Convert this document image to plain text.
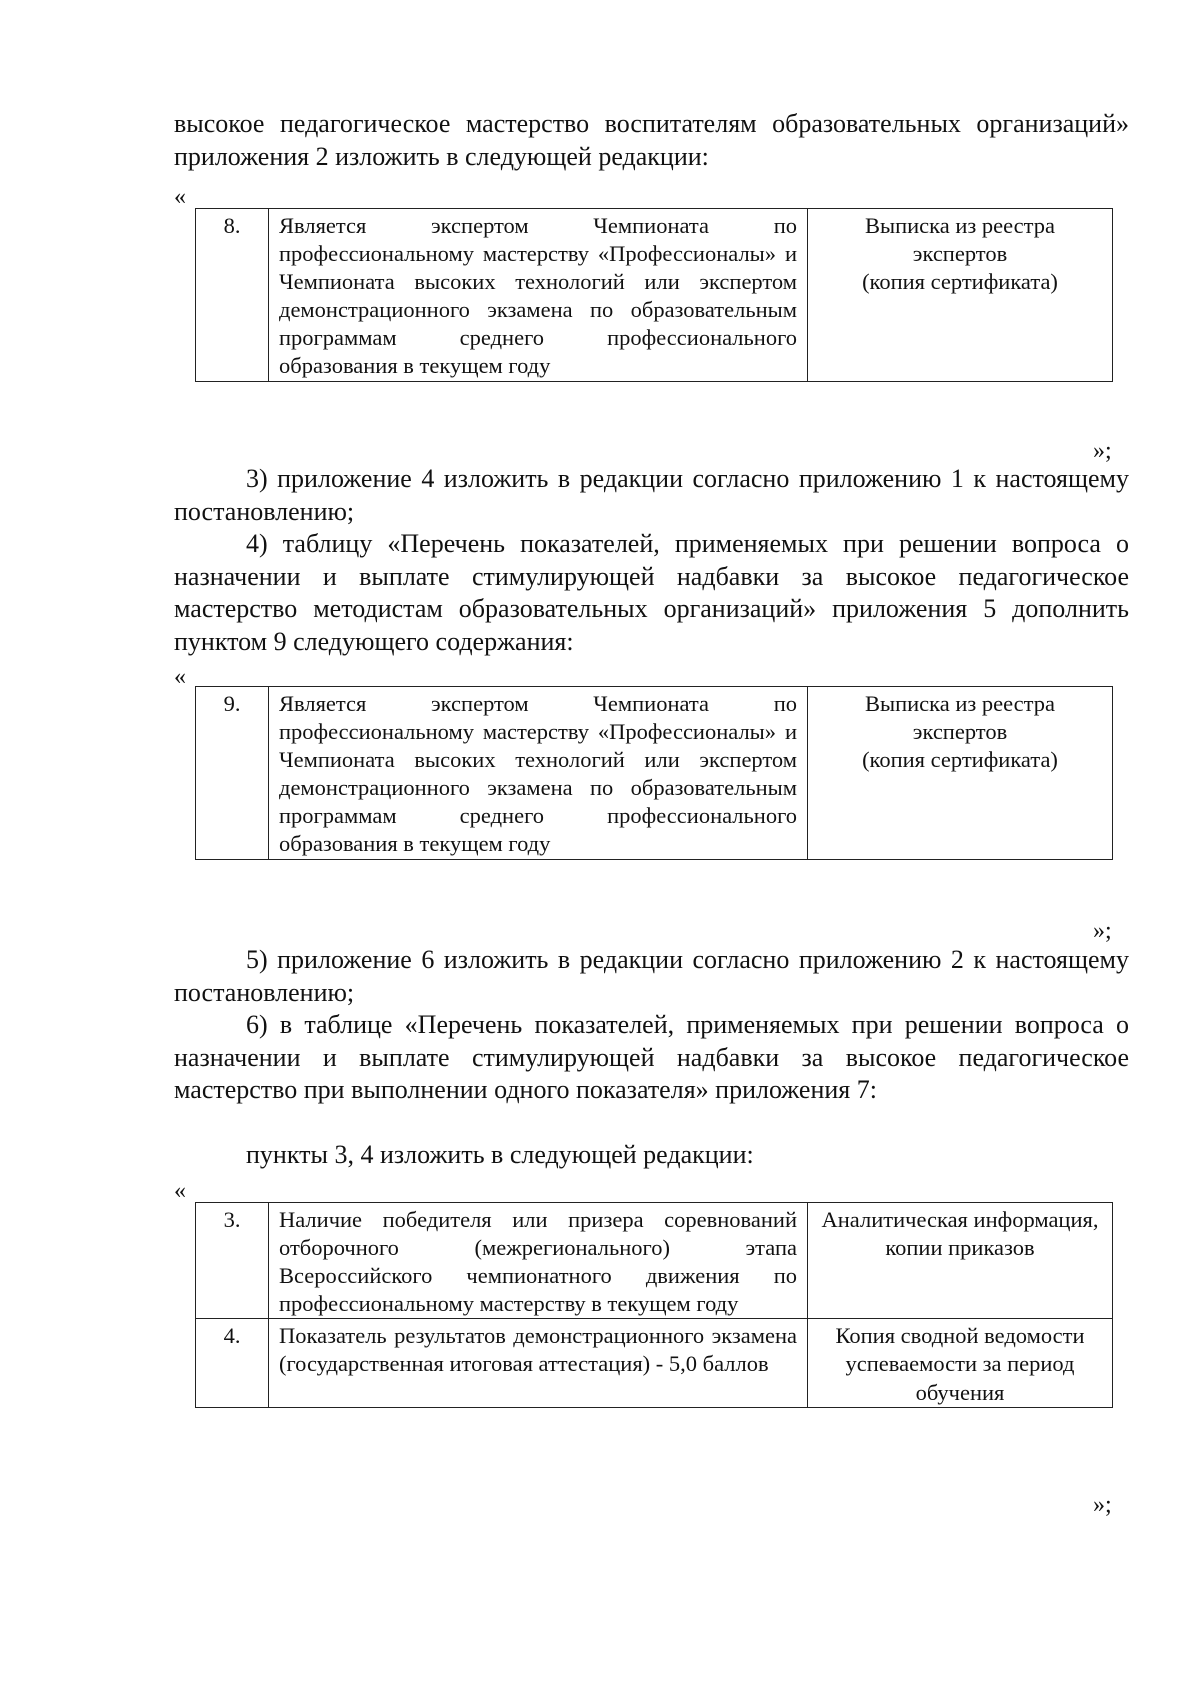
высокое педагогическое мастерство воспитателям образовательных организаций» приложения 2 изложить в следующей редакции:

«
8.	Является экспертом Чемпионата по профессиональному мастерству «Профессионалы» и Чемпионата высоких технологий или экспертом демонстрационного экзамена по образовательным программам среднего профессионального образования в текущем году	
Выписка из реестра экспертов
(копия сертификата)
»;

3) приложение 4 изложить в редакции согласно приложению 1 к настоящему постановлению;

4) таблицу «Перечень показателей, применяемых при решении вопроса о назначении и выплате стимулирующей надбавки за высокое педагогическое мастерство методистам образовательных организаций» приложения 5 дополнить пунктом 9 следующего содержания:

«
9.	Является экспертом Чемпионата по профессиональному мастерству «Профессионалы» и Чемпионата высоких технологий или экспертом демонстрационного экзамена по образовательным программам среднего профессионального образования в текущем году	
Выписка из реестра экспертов
(копия сертификата)
»;

5) приложение 6 изложить в редакции согласно приложению 2 к настоящему постановлению;

6) в таблице «Перечень показателей, применяемых при решении вопроса о назначении и выплате стимулирующей надбавки за высокое педагогическое мастерство при выполнении одного показателя» приложения 7:

пункты 3, 4 изложить в следующей редакции:

«
3.	Наличие победителя или призера соревнований отборочного (межрегионального) этапа Всероссийского чемпионатного движения по профессиональному мастерству в текущем году	Аналитическая информация,
копии приказов

4.	Показатель результатов демонстрационного экзамена (государственная итоговая аттестация) - 5,0 баллов	Копия сводной ведомости
успеваемости за период обучения
»;
